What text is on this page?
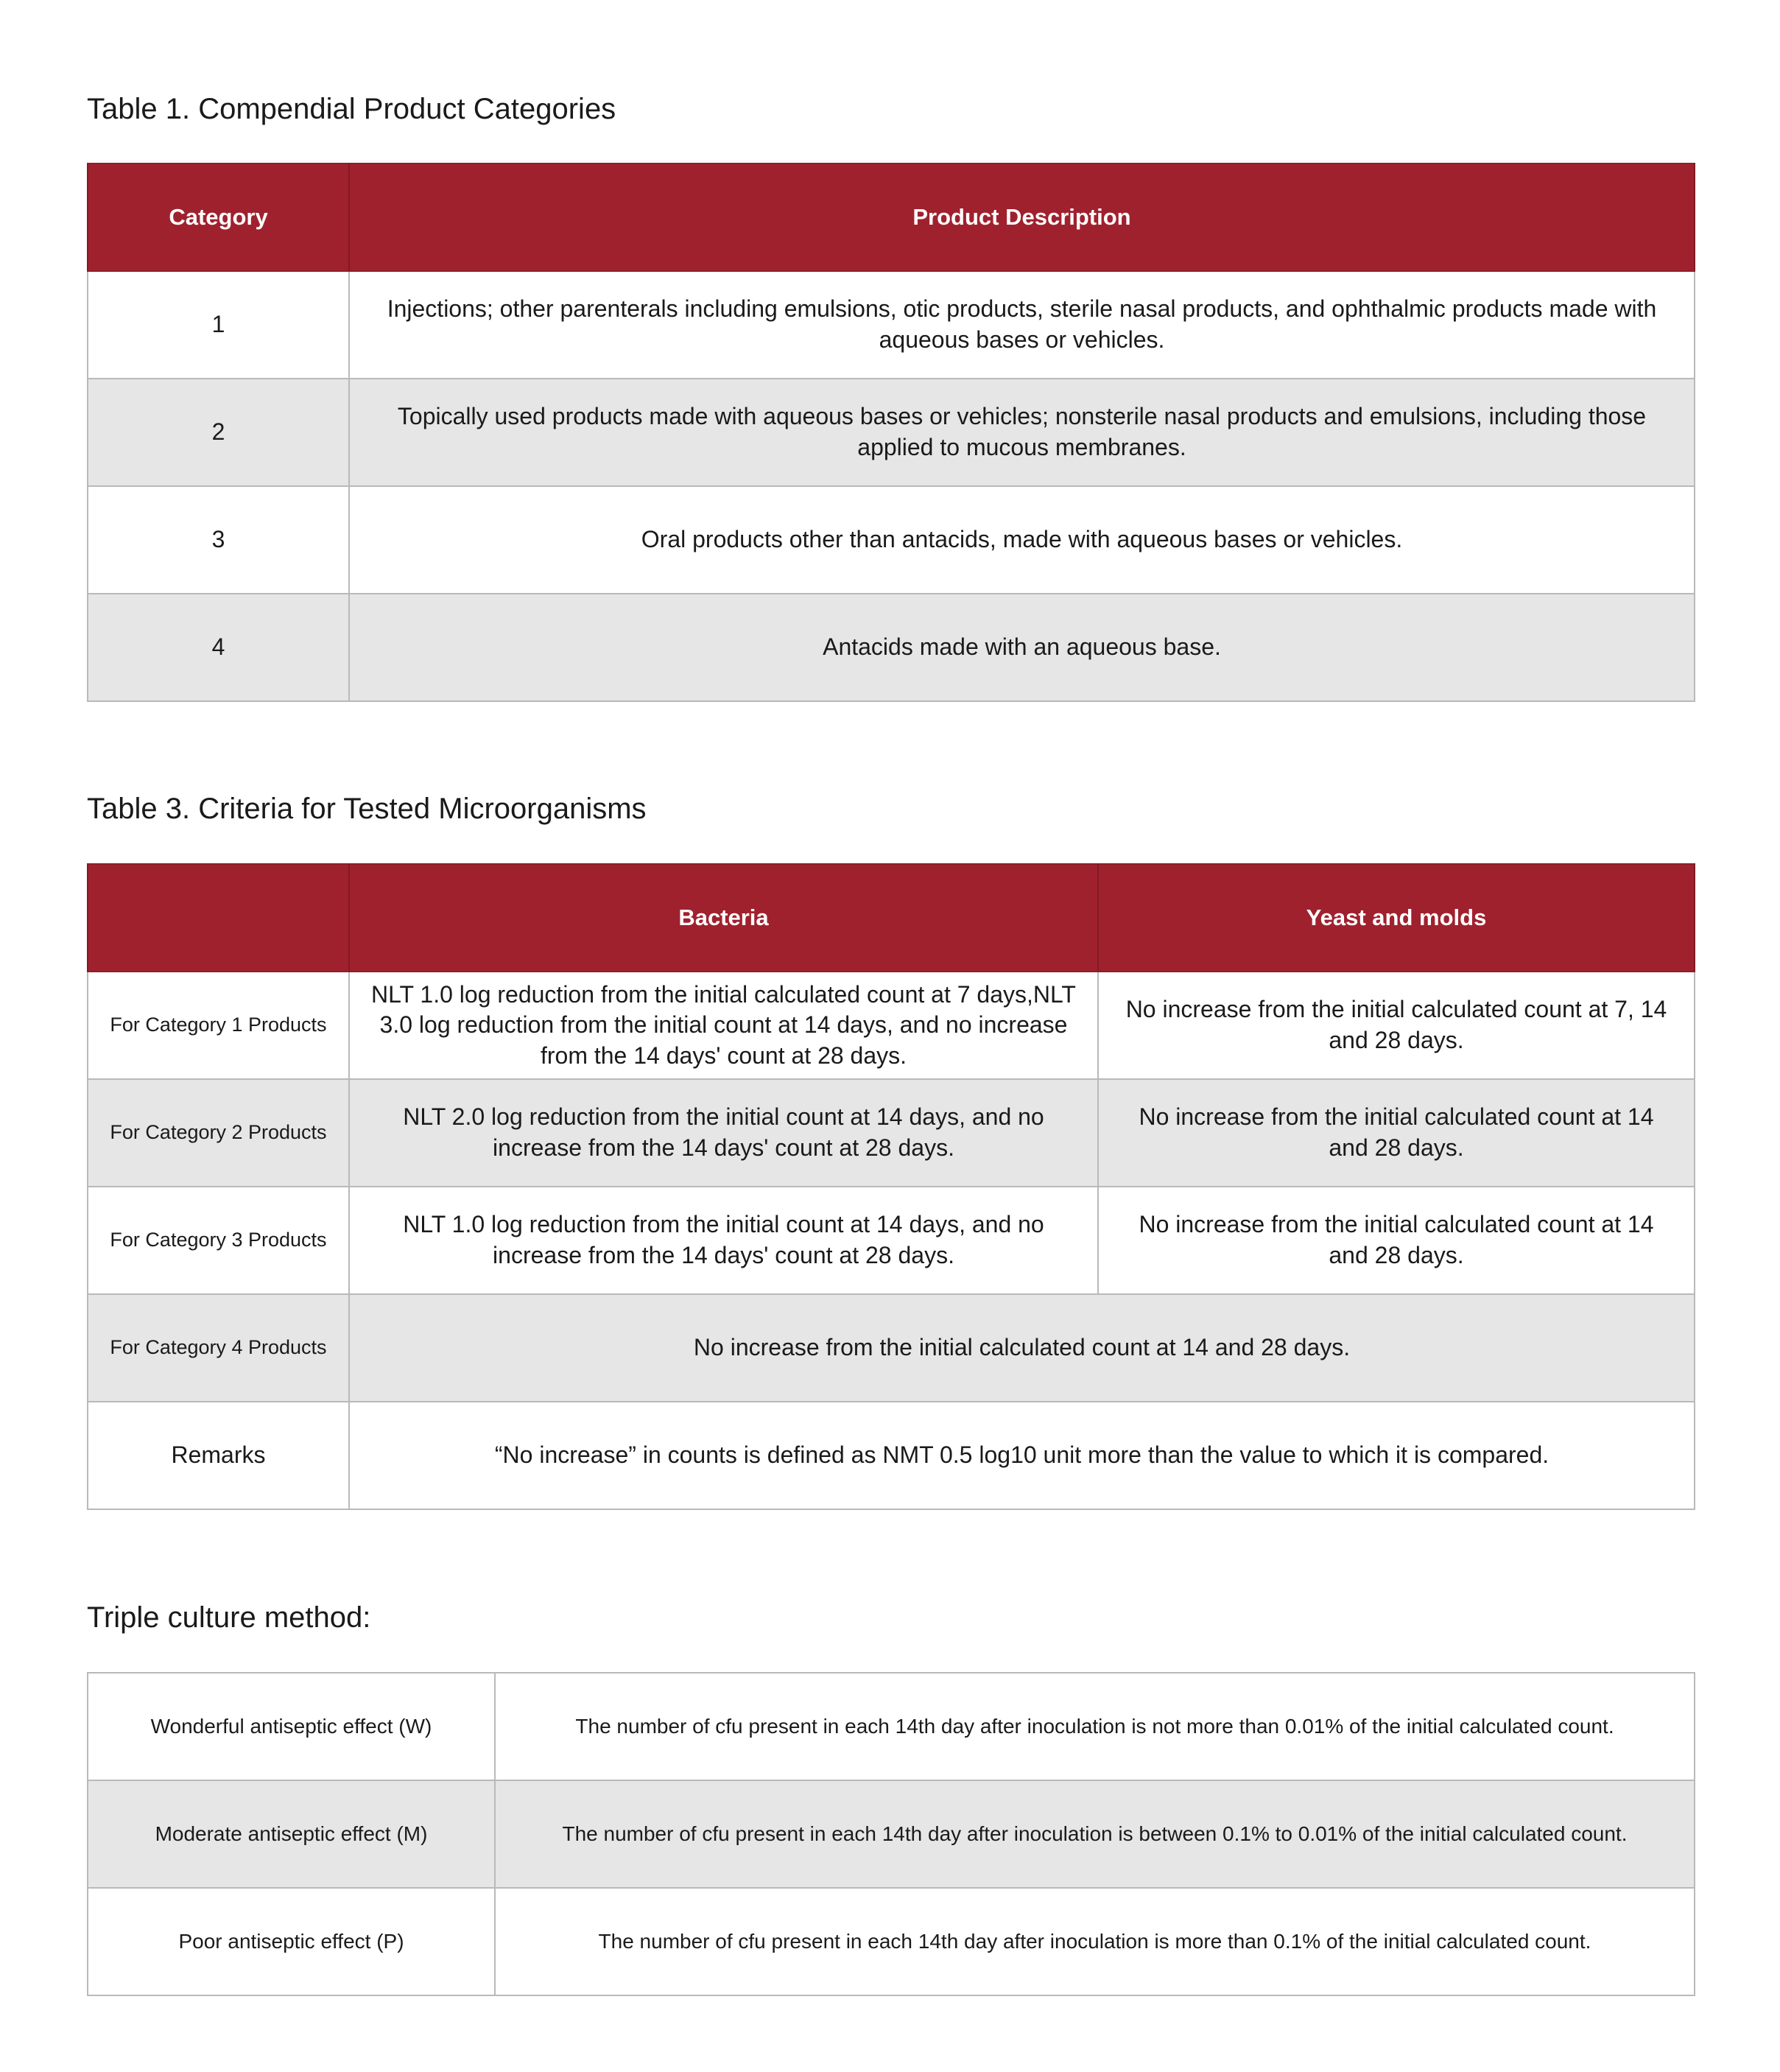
Table 1. Compendial Product Categories
Category	Product Description
1	Injections; other parenterals including emulsions, otic products, sterile nasal products, and ophthalmic products made with aqueous bases or vehicles.
2	Topically used products made with aqueous bases or vehicles; nonsterile nasal products and emulsions, including those applied to mucous membranes.
3	Oral products other than antacids, made with aqueous bases or vehicles.
4	Antacids made with an aqueous base.
Table 3. Criteria for Tested Microorganisms
	Bacteria	Yeast and molds
For Category 1 Products	NLT 1.0 log reduction from the initial calculated count at 7 days,NLT 3.0 log reduction from the initial count at 14 days, and no increase from the 14 days' count at 28 days.	No increase from the initial calculated count at 7, 14 and 28 days.
For Category 2 Products	NLT 2.0 log reduction from the initial count at 14 days, and no increase from the 14 days' count at 28 days.	No increase from the initial calculated count at 14 and 28 days.
For Category 3 Products	NLT 1.0 log reduction from the initial count at 14 days, and no increase from the 14 days' count at 28 days.	No increase from the initial calculated count at 14 and 28 days.
For Category 4 Products	No increase from the initial calculated count at 14 and 28 days.	
Remarks	“No increase” in counts is defined as NMT 0.5 log10 unit more than the value to which it is compared.	
Triple culture method:
Wonderful antiseptic effect (W)	The number of cfu present in each 14th day after inoculation is not more than 0.01% of the initial calculated count.
Moderate antiseptic effect (M)	The number of cfu present in each 14th day after inoculation is between 0.1% to 0.01% of the initial calculated count.
Poor antiseptic effect (P)	The number of cfu present in each 14th day after inoculation is more than 0.1% of the initial calculated count.
